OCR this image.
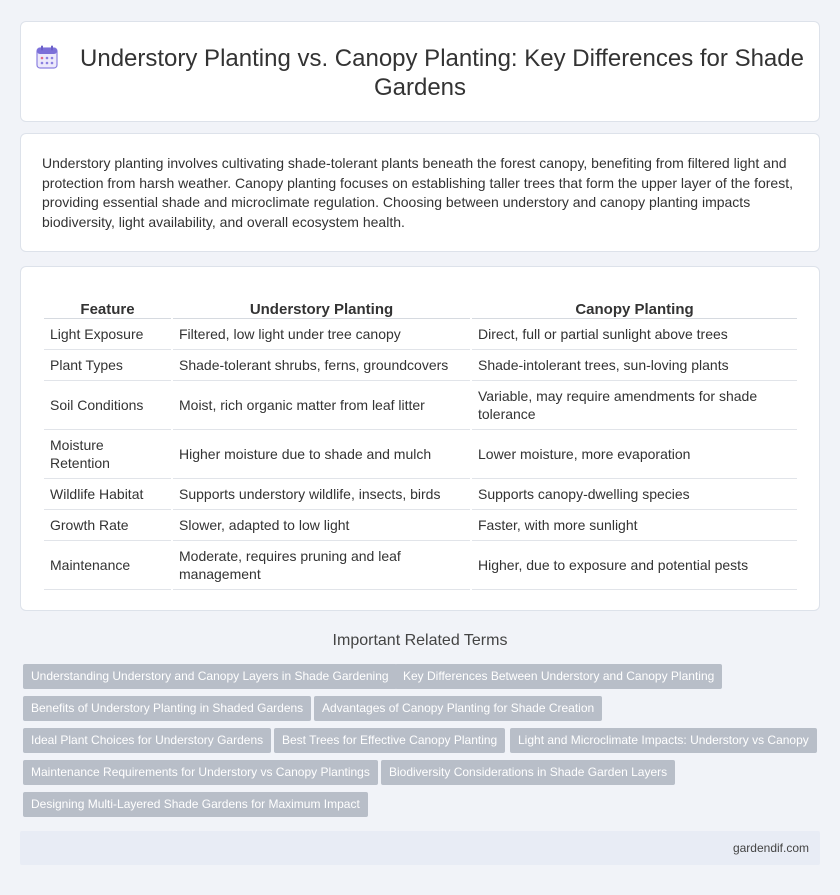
Understory Planting vs. Canopy Planting: Key Differences for Shade Gardens

Understory planting involves cultivating shade-tolerant plants beneath the forest canopy, benefiting from filtered light and protection from harsh weather. Canopy planting focuses on establishing taller trees that form the upper layer of the forest, providing essential shade and microclimate regulation. Choosing between understory and canopy planting impacts biodiversity, light availability, and overall ecosystem health.

Feature	Understory Planting	Canopy Planting
Light Exposure	Filtered, low light under tree canopy	Direct, full or partial sunlight above trees
Plant Types	Shade-tolerant shrubs, ferns, groundcovers	Shade-intolerant trees, sun-loving plants
Soil Conditions	Moist, rich organic matter from leaf litter	Variable, may require amendments for shade tolerance
Moisture Retention	Higher moisture due to shade and mulch	Lower moisture, more evaporation
Wildlife Habitat	Supports understory wildlife, insects, birds	Supports canopy-dwelling species
Growth Rate	Slower, adapted to low light	Faster, with more sunlight
Maintenance	Moderate, requires pruning and leaf management	Higher, due to exposure and potential pests
Important Related Terms
Understanding Understory and Canopy Layers in Shade Gardening	Key Differences Between Understory and Canopy Planting
Benefits of Understory Planting in Shaded Gardens	Advantages of Canopy Planting for Shade Creation
Ideal Plant Choices for Understory Gardens	Best Trees for Effective Canopy Planting	Light and Microclimate Impacts: Understory vs Canopy
Maintenance Requirements for Understory vs Canopy Plantings	Biodiversity Considerations in Shade Garden Layers
Designing Multi-Layered Shade Gardens for Maximum Impact
gardendif.com
